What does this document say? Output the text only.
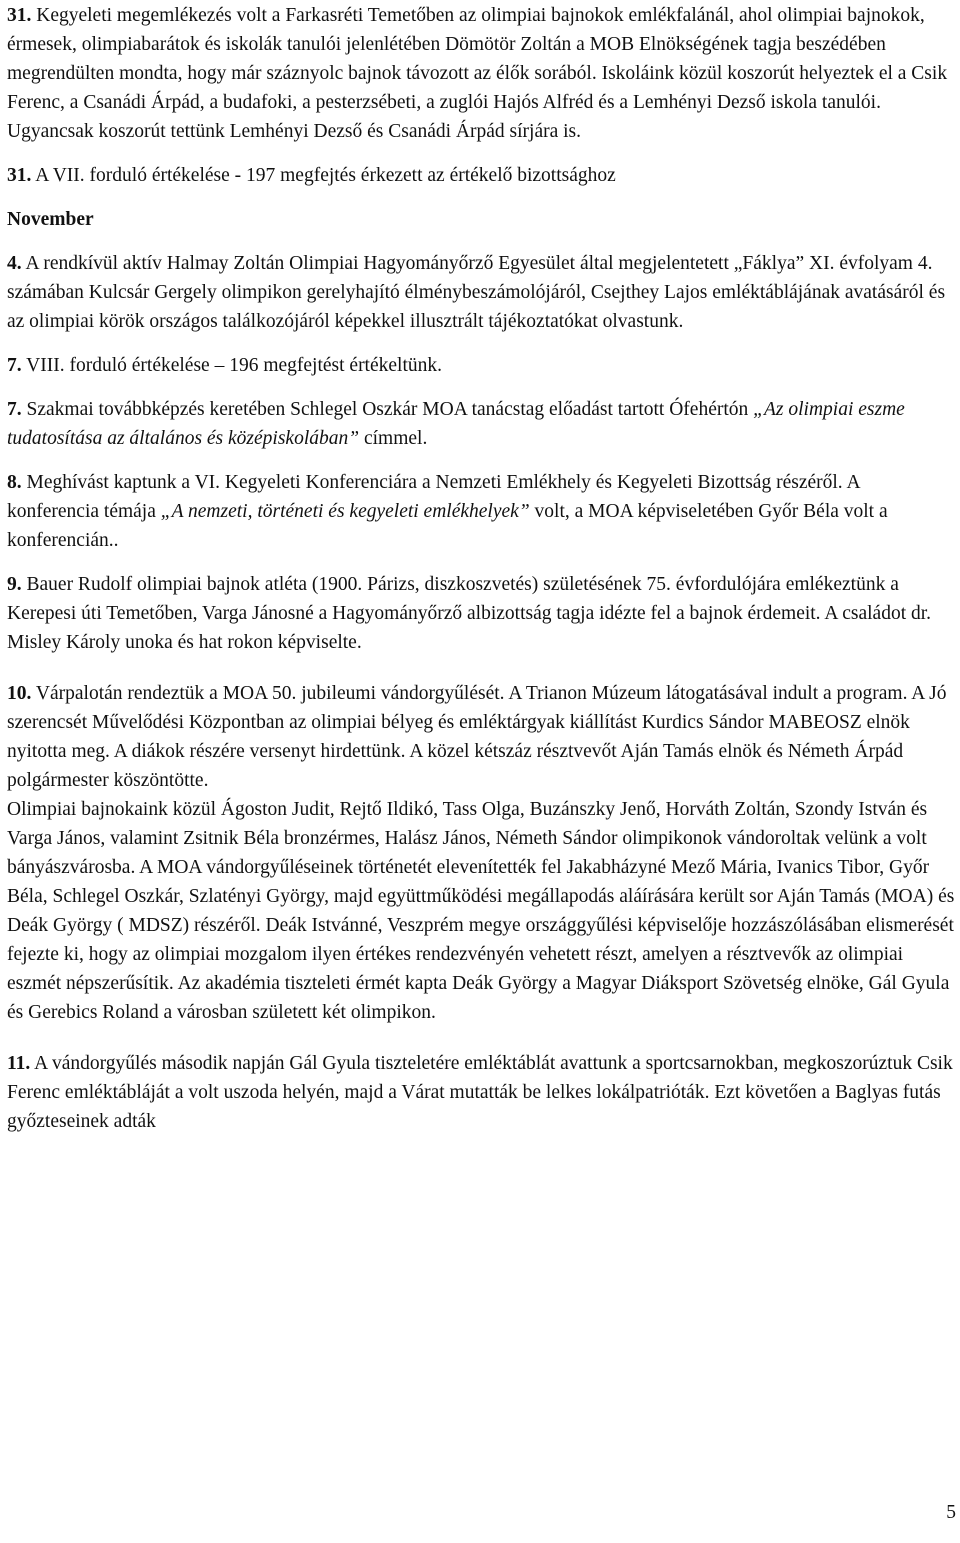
31. Kegyeleti megemlékezés volt a Farkasréti Temetőben az olimpiai bajnokok emlékfalánál, ahol olimpiai bajnokok, érmesek, olimpiabarátok és iskolák tanulói jelenlétében Dömötör Zoltán a MOB Elnökségének tagja beszédében megrendülten mondta, hogy már száznyolc bajnok távozott az élők sorából. Iskoláink közül koszorút helyeztek el a Csik Ferenc, a Csanádi Árpád, a budafoki, a pesterzsébeti, a zuglói Hajós Alfréd és a Lemhényi Dezső iskola tanulói. Ugyancsak koszorút tettünk Lemhényi Dezső és Csanádi Árpád sírjára is.

31. A VII. forduló értékelése - 197 megfejtés érkezett az értékelő bizottsághoz

November

4. A rendkívül aktív Halmay Zoltán Olimpiai Hagyományőrző Egyesület által megjelentetett „Fáklya” XI. évfolyam 4. számában Kulcsár Gergely olimpikon gerelyhajító élménybeszámolójáról, Csejthey Lajos emléktáblájának avatásáról és az olimpiai körök országos találkozójáról képekkel illusztrált tájékoztatókat olvastunk.

7. VIII. forduló értékelése – 196 megfejtést értékeltünk.

7. Szakmai továbbképzés keretében Schlegel Oszkár MOA tanácstag előadást tartott Ófehértón „Az olimpiai eszme tudatosítása az általános és középiskolában” címmel.

8. Meghívást kaptunk a VI. Kegyeleti Konferenciára a Nemzeti Emlékhely és Kegyeleti Bizottság részéről. A konferencia témája „A nemzeti, történeti és kegyeleti emlékhelyek” volt, a MOA képviseletében Győr Béla volt a konferencián..

9. Bauer Rudolf olimpiai bajnok atléta (1900. Párizs, diszkoszvetés) születésének 75. évfordulójára emlékeztünk a Kerepesi úti Temetőben, Varga Jánosné a Hagyományőrző albizottság tagja idézte fel a bajnok érdemeit. A családot dr. Misley Károly unoka és hat rokon képviselte.

10. Várpalotán rendeztük a MOA 50. jubileumi vándorgyűlését. A Trianon Múzeum látogatásával indult a program. A Jó szerencsét Művelődési Központban az olimpiai bélyeg és emléktárgyak kiállítást Kurdics Sándor MABEOSZ elnök nyitotta meg. A diákok részére versenyt hirdettünk. A közel kétszáz résztvevőt Aján Tamás elnök és Németh Árpád polgármester köszöntötte.

Olimpiai bajnokaink közül Ágoston Judit, Rejtő Ildikó, Tass Olga, Buzánszky Jenő, Horváth Zoltán, Szondy István és Varga János, valamint Zsitnik Béla bronzérmes, Halász János, Németh Sándor olimpikonok vándoroltak velünk a volt bányászvárosba. A MOA vándorgyűléseinek történetét elevenítették fel Jakabházyné Mező Mária, Ivanics Tibor, Győr Béla, Schlegel Oszkár, Szlatényi György, majd együttműködési megállapodás aláírására került sor Aján Tamás (MOA) és Deák György ( MDSZ) részéről. Deák Istvánné, Veszprém megye országgyűlési képviselője hozzászólásában elismerését fejezte ki, hogy az olimpiai mozgalom ilyen értékes rendezvényén vehetett részt, amelyen a résztvevők az olimpiai eszmét népszerűsítik. Az akadémia tiszteleti érmét kapta Deák György a Magyar Diáksport Szövetség elnöke, Gál Gyula és Gerebics Roland a városban született két olimpikon.

11. A vándorgyűlés második napján Gál Gyula tiszteletére emléktáblát avattunk a sportcsarnokban, megkoszorúztuk Csik Ferenc emléktábláját a volt uszoda helyén, majd a Várat mutatták be lelkes lokálpatrióták. Ezt követően a Baglyas futás győzteseinek adták

5
